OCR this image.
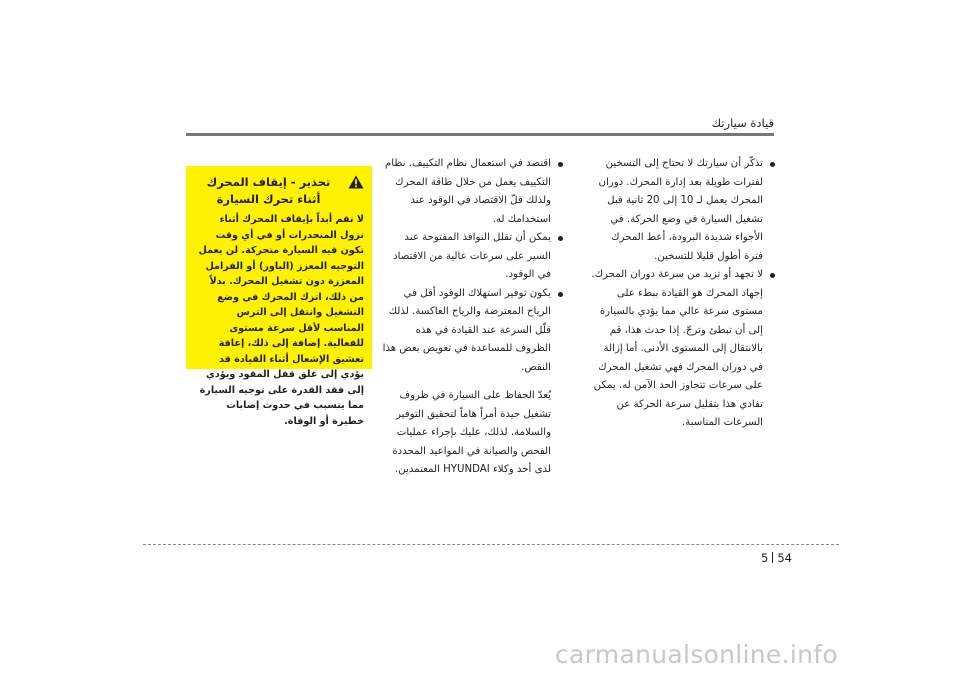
قيادة سيارتك
تذكّر أن سيارتك لا تحتاج إلى التسخين لفترات طويلة بعد إدارة المحرك. دوران المحرك يعمل لـ 10 إلى 20 ثانية قبل تشغيل السيارة في وضع الحركة. في الأجواء شديدة البرودة، أعط المحرك فترة أطول قليلا للتسخين.
لا تجهد أو تزيد من سرعة دوران المحرك. إجهاد المحرك هو القيادة ببطء على مستوى سرعة عالي مما يؤدي بالسيارة إلى أن تبطئ وترجّ. إذا حدث هذا، قم بالانتقال إلى المستوى الأدنى. أما إزالة في دوران المحرك فهي تشغيل المحرك على سرعات تتجاوز الحد الآمن له. يمكن تفادي هذا بتقليل سرعة الحركة عن السرعات المناسبة.
اقتصد في استعمال نظام التكييف. نظام التكييف يعمل من خلال طاقة المحرك ولذلك قلّ الاقتصاد في الوقود عند استخدامك له.
يمكن أن تقلل النوافذ المفتوحة عند السير على سرعات عالية من الاقتصاد في الوقود.
يكون توفير استهلاك الوقود أقل في الرياح المعترضة والرياح العاكسة. لذلك قلّل السرعة عند القيادة في هذه الظروف للمساعدة في تعويض بعض هذا النقص.

يُعدّ الحفاظ على السيارة في ظروف تشغيل جيدة أمراً هاماً لتحقيق التوفير والسلامة. لذلك، عليك بإجراء عمليات الفحص والصيانة في المواعيد المحددة لدى أحد وكلاء HYUNDAI المعتمدين.

تحذير - إيقاف المحرك أثناء تحرك السيارة
لا تقم أبداً بإيقاف المحرك أثناء نزول المنحدرات أو في أي وقت تكون فيه السيارة متحركة. لن يعمل التوجيه المعزز (الباور) أو الفرامل المعززة دون تشغيل المحرك. بدلاً من ذلك، اترك المحرك في وضع التشغيل وانتقل إلى الترس المناسب لأقل سرعة مستوى للفعالية. إضافة إلى ذلك، إعاقة تعشيق الإشعال أثناء القيادة قد يؤدي إلى غلق قفل المقود ويؤدي إلى فقد القدرة على توجيه السيارة مما يتسبب في حدوث إصابات خطيرة أو الوفاة.
5 54
carmanualsonline.info
